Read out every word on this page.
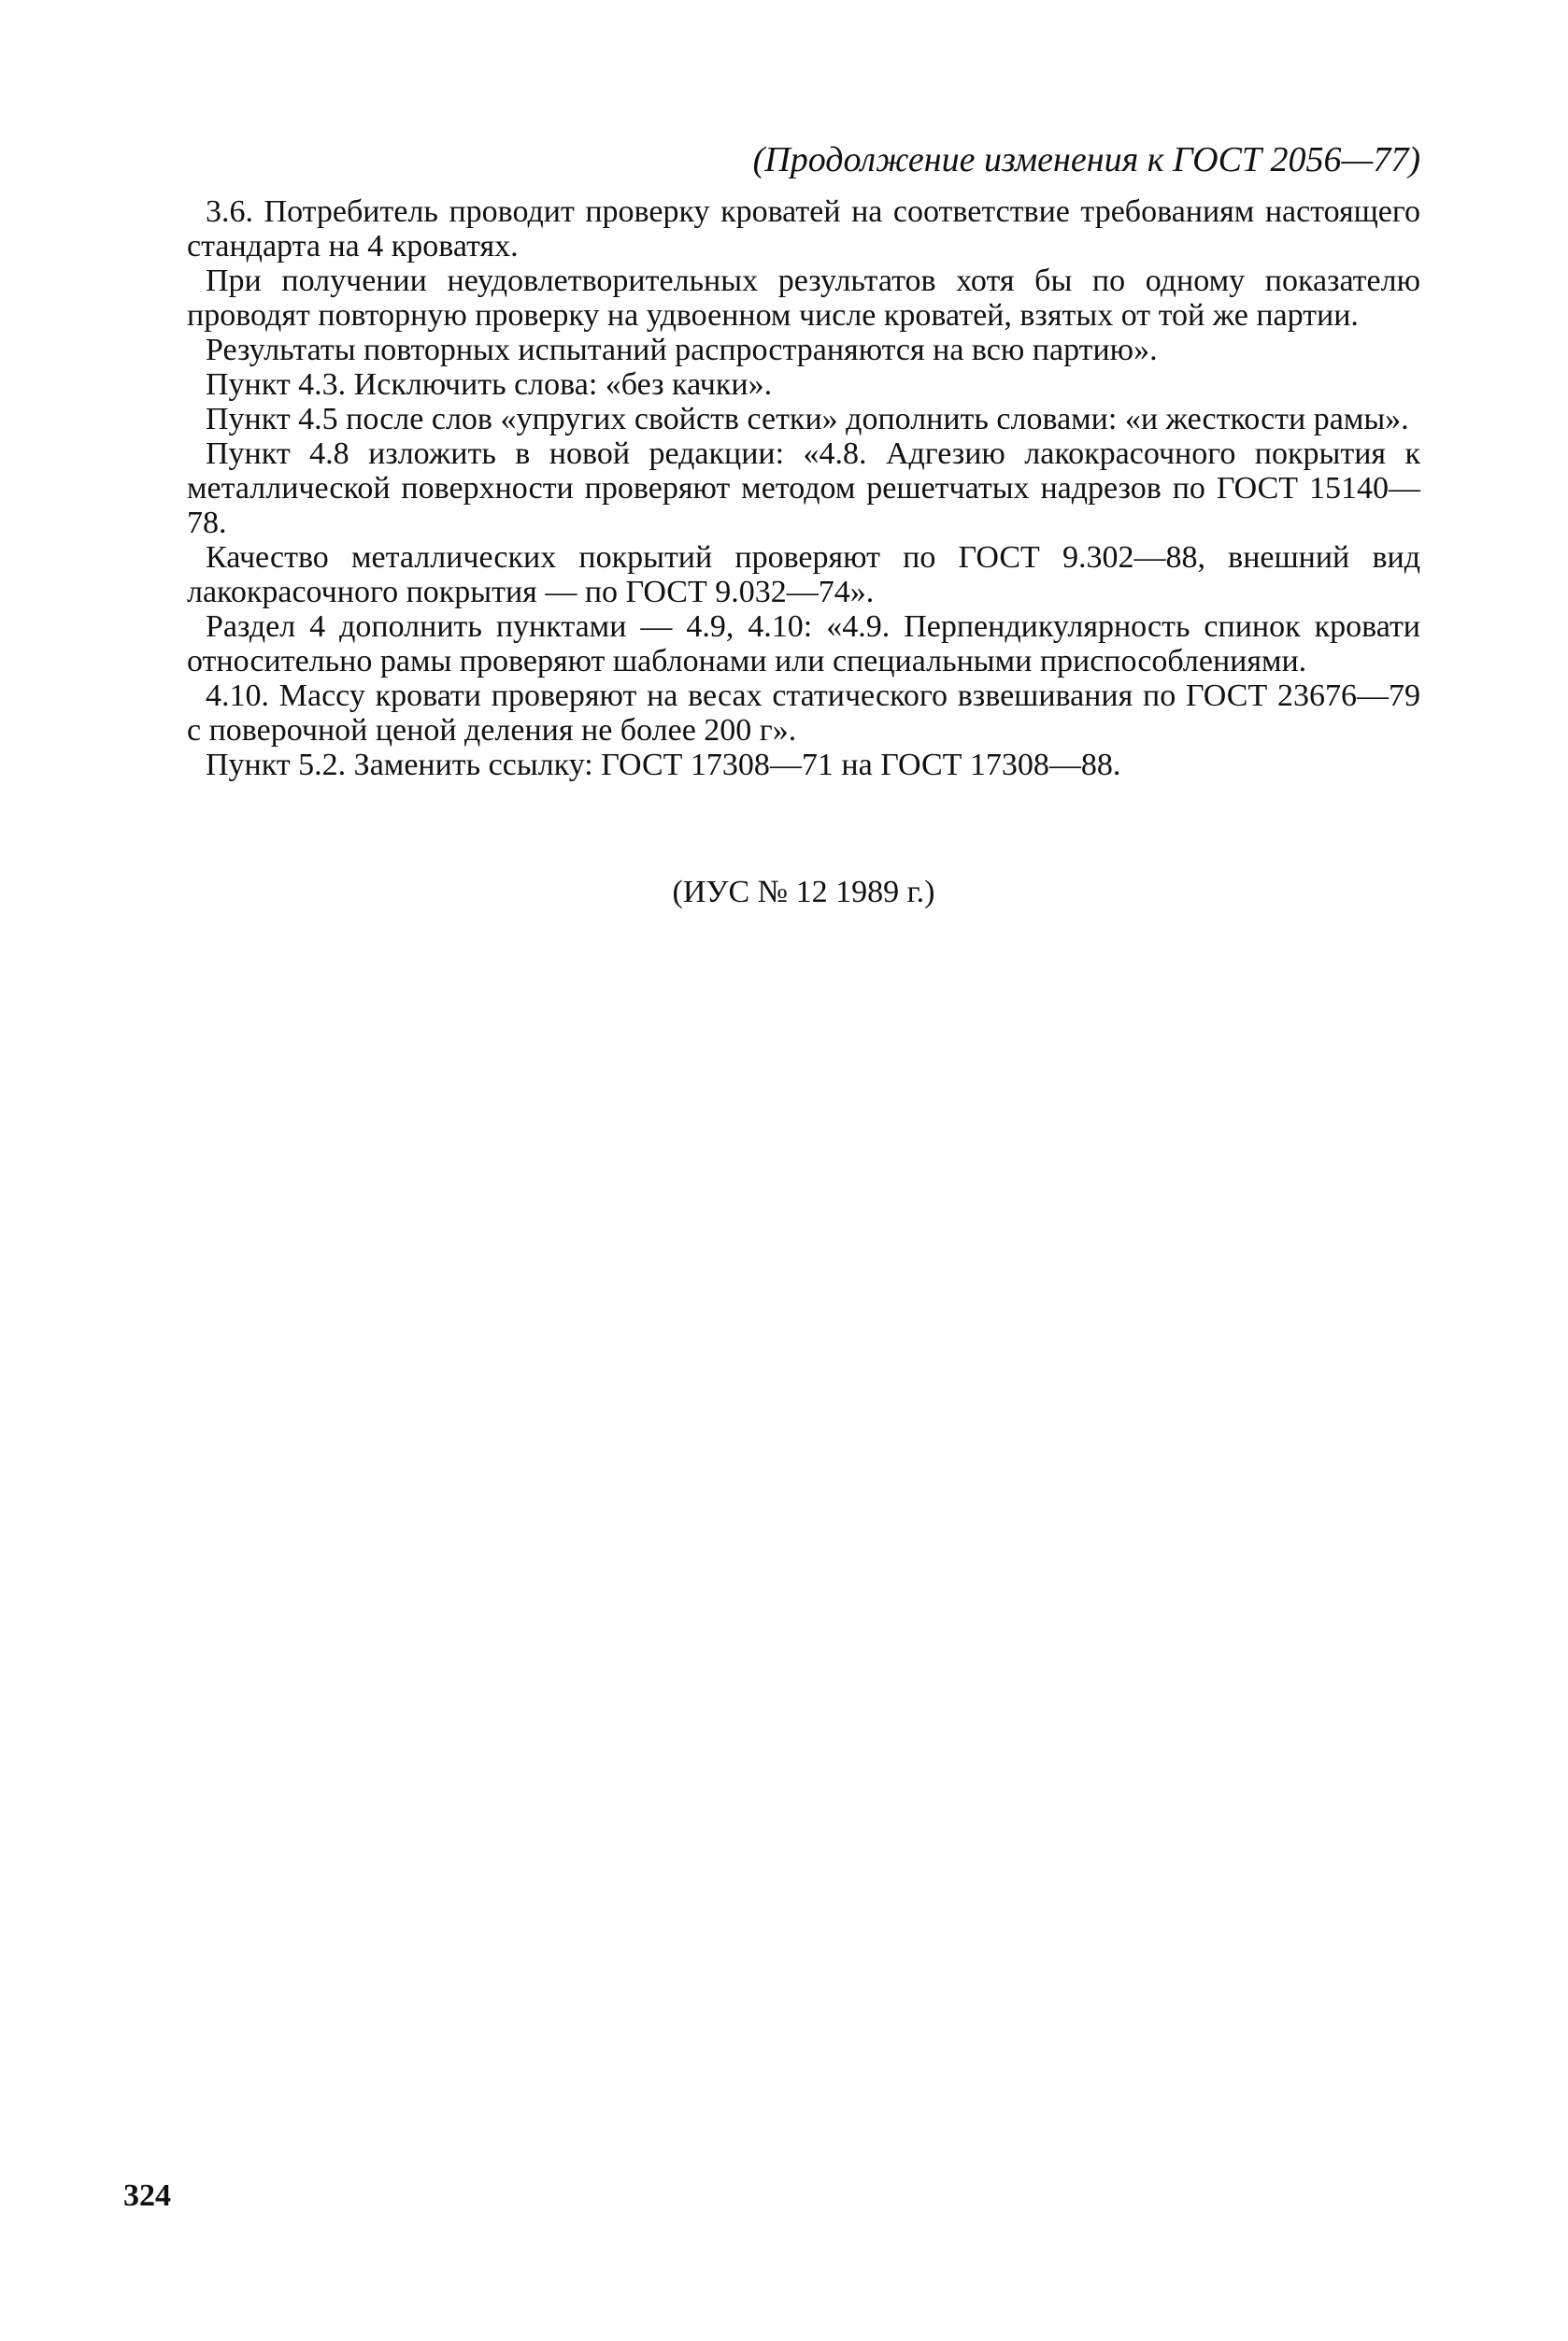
(Продолжение изменения к ГОСТ 2056—77)

3.6. Потребитель проводит проверку кроватей на соответствие требованиям настоящего стандарта на 4 кроватях.

При получении неудовлетворительных результатов хотя бы по одному показателю проводят повторную проверку на удвоенном числе кроватей, взятых от той же партии.

Результаты повторных испытаний распространяются на всю партию».

Пункт 4.3. Исключить слова: «без качки».

Пункт 4.5 после слов «упругих свойств сетки» дополнить словами: «и жесткости рамы».

Пункт 4.8 изложить в новой редакции: «4.8. Адгезию лакокрасочного покрытия к металлической поверхности проверяют методом решетчатых надрезов по ГОСТ 15140—78.

Качество металлических покрытий проверяют по ГОСТ 9.302—88, внешний вид лакокрасочного покрытия — по ГОСТ 9.032—74».

Раздел 4 дополнить пунктами — 4.9, 4.10: «4.9. Перпендикулярность спинок кровати относительно рамы проверяют шаблонами или специальными приспособлениями.

4.10. Массу кровати проверяют на весах статического взвешивания по ГОСТ 23676—79 с поверочной ценой деления не более 200 г».

Пункт 5.2. Заменить ссылку: ГОСТ 17308—71 на ГОСТ 17308—88.

(ИУС № 12 1989 г.)
324
